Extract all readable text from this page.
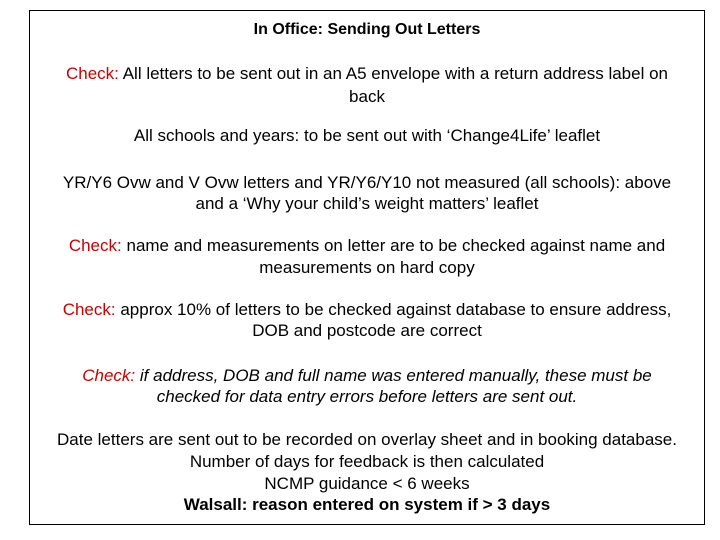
In Office: Sending Out Letters
Check: All letters to be sent out in an A5 envelope with a return address label on
back
All schools and years: to be sent out with ‘Change4Life’ leaflet
YR/Y6 Ovw and V Ovw letters and YR/Y6/Y10 not measured (all schools): above
and a ‘Why your child’s weight matters’ leaflet
Check: name and measurements on letter are to be checked against name and
measurements on hard copy
Check: approx 10% of letters to be checked against database to ensure address,
DOB and postcode are correct
Check: if address, DOB and full name was entered manually, these must be
checked for data entry errors before letters are sent out.
Date letters are sent out to be recorded on overlay sheet and in booking database.
Number of days for feedback is then calculated
NCMP guidance < 6 weeks
Walsall: reason entered on system if > 3 days
